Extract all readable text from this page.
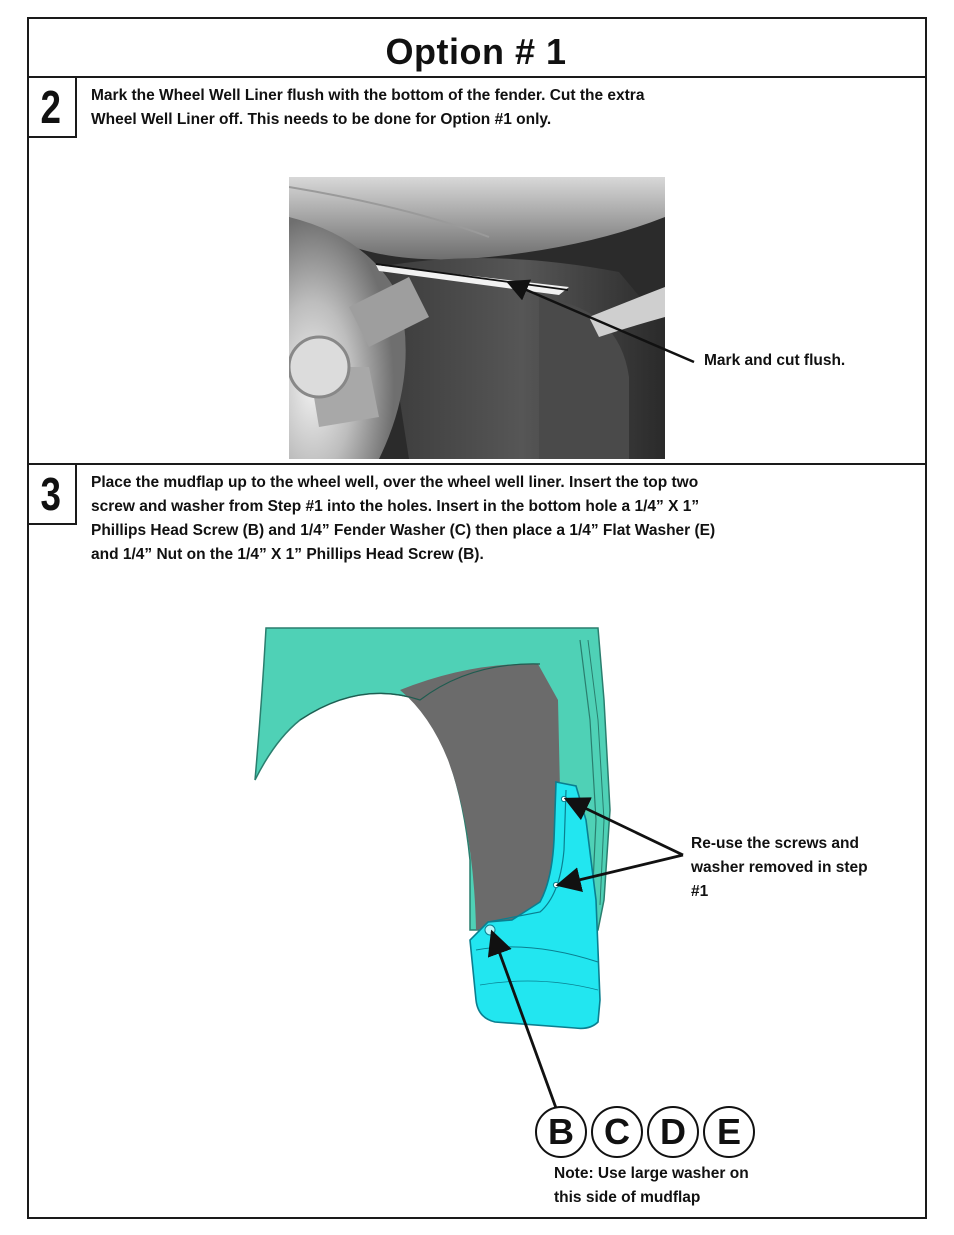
Option # 1
2	Mark the Wheel Well Liner flush with the bottom of the fender. Cut the extra

Wheel Well Liner off. This needs to be done for Option #1 only.

Mark and cut flush.

3	Place the mudflap up to the wheel well, over the wheel well liner. Insert the top two

screw and washer from Step #1 into the holes. Insert in the bottom hole a 1/4” X 1”

Phillips Head Screw (B) and 1/4” Fender Washer (C) then place a 1/4” Flat Washer (E)

and 1/4” Nut on the 1/4” X 1” Phillips Head Screw (B).

Re-use the screws and

washer removed in step

#1

B C D E

Note: Use large washer on

this side of mudflap
